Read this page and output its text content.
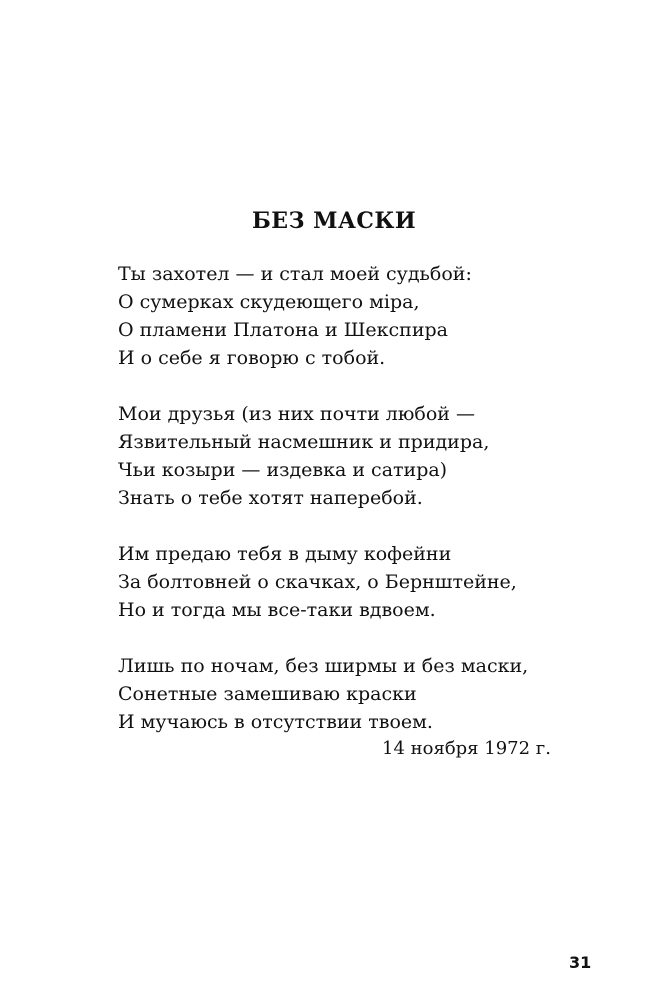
БЕЗ МАСКИ
Ты захотел — и стал моей судьбой:
О сумерках скудеющего міра,
О пламени Платона и Шекспира
И о себе я говорю с тобой.
Мои друзья (из них почти любой —
Язвительный насмешник и придира,
Чьи козыри — издевка и сатира)
Знать о тебе хотят наперебой.
Им предаю тебя в дыму кофейни
За болтовней о скачках, о Бернштейне,
Но и тогда мы все-таки вдвоем.
Лишь по ночам, без ширмы и без маски,
Сонетные замешиваю краски
И мучаюсь в отсутствии твоем.
14 ноября 1972 г.
31
